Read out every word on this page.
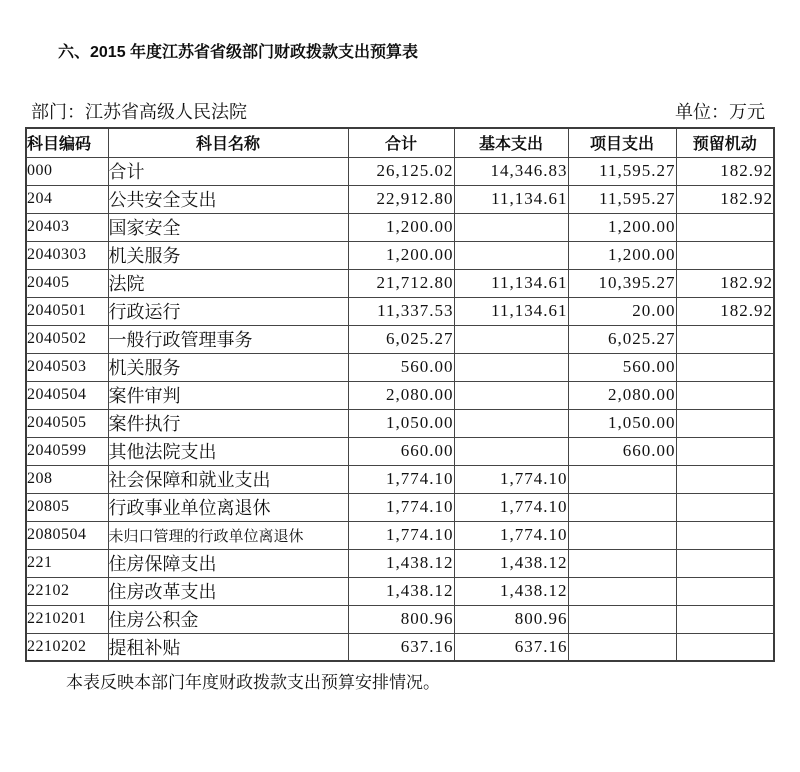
六、2015 年度江苏省省级部门财政拨款支出预算表
部门：江苏省高级人民法院	单位：万元
科目编码	科目名称	合计	基本支出	项目支出	预留机动
000	合计	26,125.02	14,346.83	11,595.27	182.92
204	公共安全支出	22,912.80	11,134.61	11,595.27	182.92
20403	国家安全	1,200.00		1,200.00	
2040303	机关服务	1,200.00		1,200.00	
20405	法院	21,712.80	11,134.61	10,395.27	182.92
2040501	行政运行	11,337.53	11,134.61	20.00	182.92
2040502	一般行政管理事务	6,025.27		6,025.27	
2040503	机关服务	560.00		560.00	
2040504	案件审判	2,080.00		2,080.00	
2040505	案件执行	1,050.00		1,050.00	
2040599	其他法院支出	660.00		660.00	
208	社会保障和就业支出	1,774.10	1,774.10		
20805	行政事业单位离退休	1,774.10	1,774.10		
2080504	未归口管理的行政单位离退休	1,774.10	1,774.10		
221	住房保障支出	1,438.12	1,438.12		
22102	住房改革支出	1,438.12	1,438.12		
2210201	住房公积金	800.96	800.96		
2210202	提租补贴	637.16	637.16		

本表反映本部门年度财政拨款支出预算安排情况。
